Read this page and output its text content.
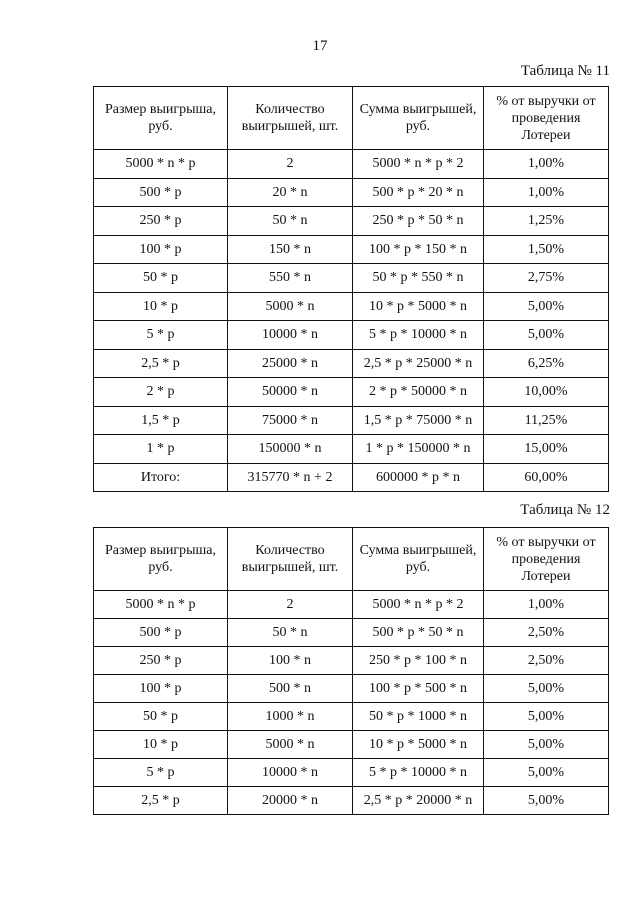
17
Таблица № 11
Размер выигрыша, руб.	Количество выигрышей, шт.	Сумма выигрышей, руб.	% от выручки от проведения Лотереи
5000 * n * p	2	5000 * n * p * 2	1,00%
500 * p	20 * n	500 * p * 20 * n	1,00%
250 * p	50 * n	250 * p * 50 * n	1,25%
100 * p	150 * n	100 * p * 150 * n	1,50%
50 * p	550 * n	50 * p * 550 * n	2,75%
10 * p	5000 * n	10 * p * 5000 * n	5,00%
5 * p	10000 * n	5 * p * 10000 * n	5,00%
2,5 * p	25000 * n	2,5 * p * 25000 * n	6,25%
2 * p	50000 * n	2 * p * 50000 * n	10,00%
1,5 * p	75000 * n	1,5 * p * 75000 * n	11,25%
1 * p	150000 * n	1 * p * 150000 * n	15,00%
Итого:	315770 * n + 2	600000 * p * n	60,00%
Таблица № 12
Размер выигрыша, руб.	Количество выигрышей, шт.	Сумма выигрышей, руб.	% от выручки от проведения Лотереи
5000 * n * p	2	5000 * n * p * 2	1,00%
500 * p	50 * n	500 * p * 50 * n	2,50%
250 * p	100 * n	250 * p * 100 * n	2,50%
100 * p	500 * n	100 * p * 500 * n	5,00%
50 * p	1000 * n	50 * p * 1000 * n	5,00%
10 * p	5000 * n	10 * p * 5000 * n	5,00%
5 * p	10000 * n	5 * p * 10000 * n	5,00%
2,5 * p	20000 * n	2,5 * p * 20000 * n	5,00%
